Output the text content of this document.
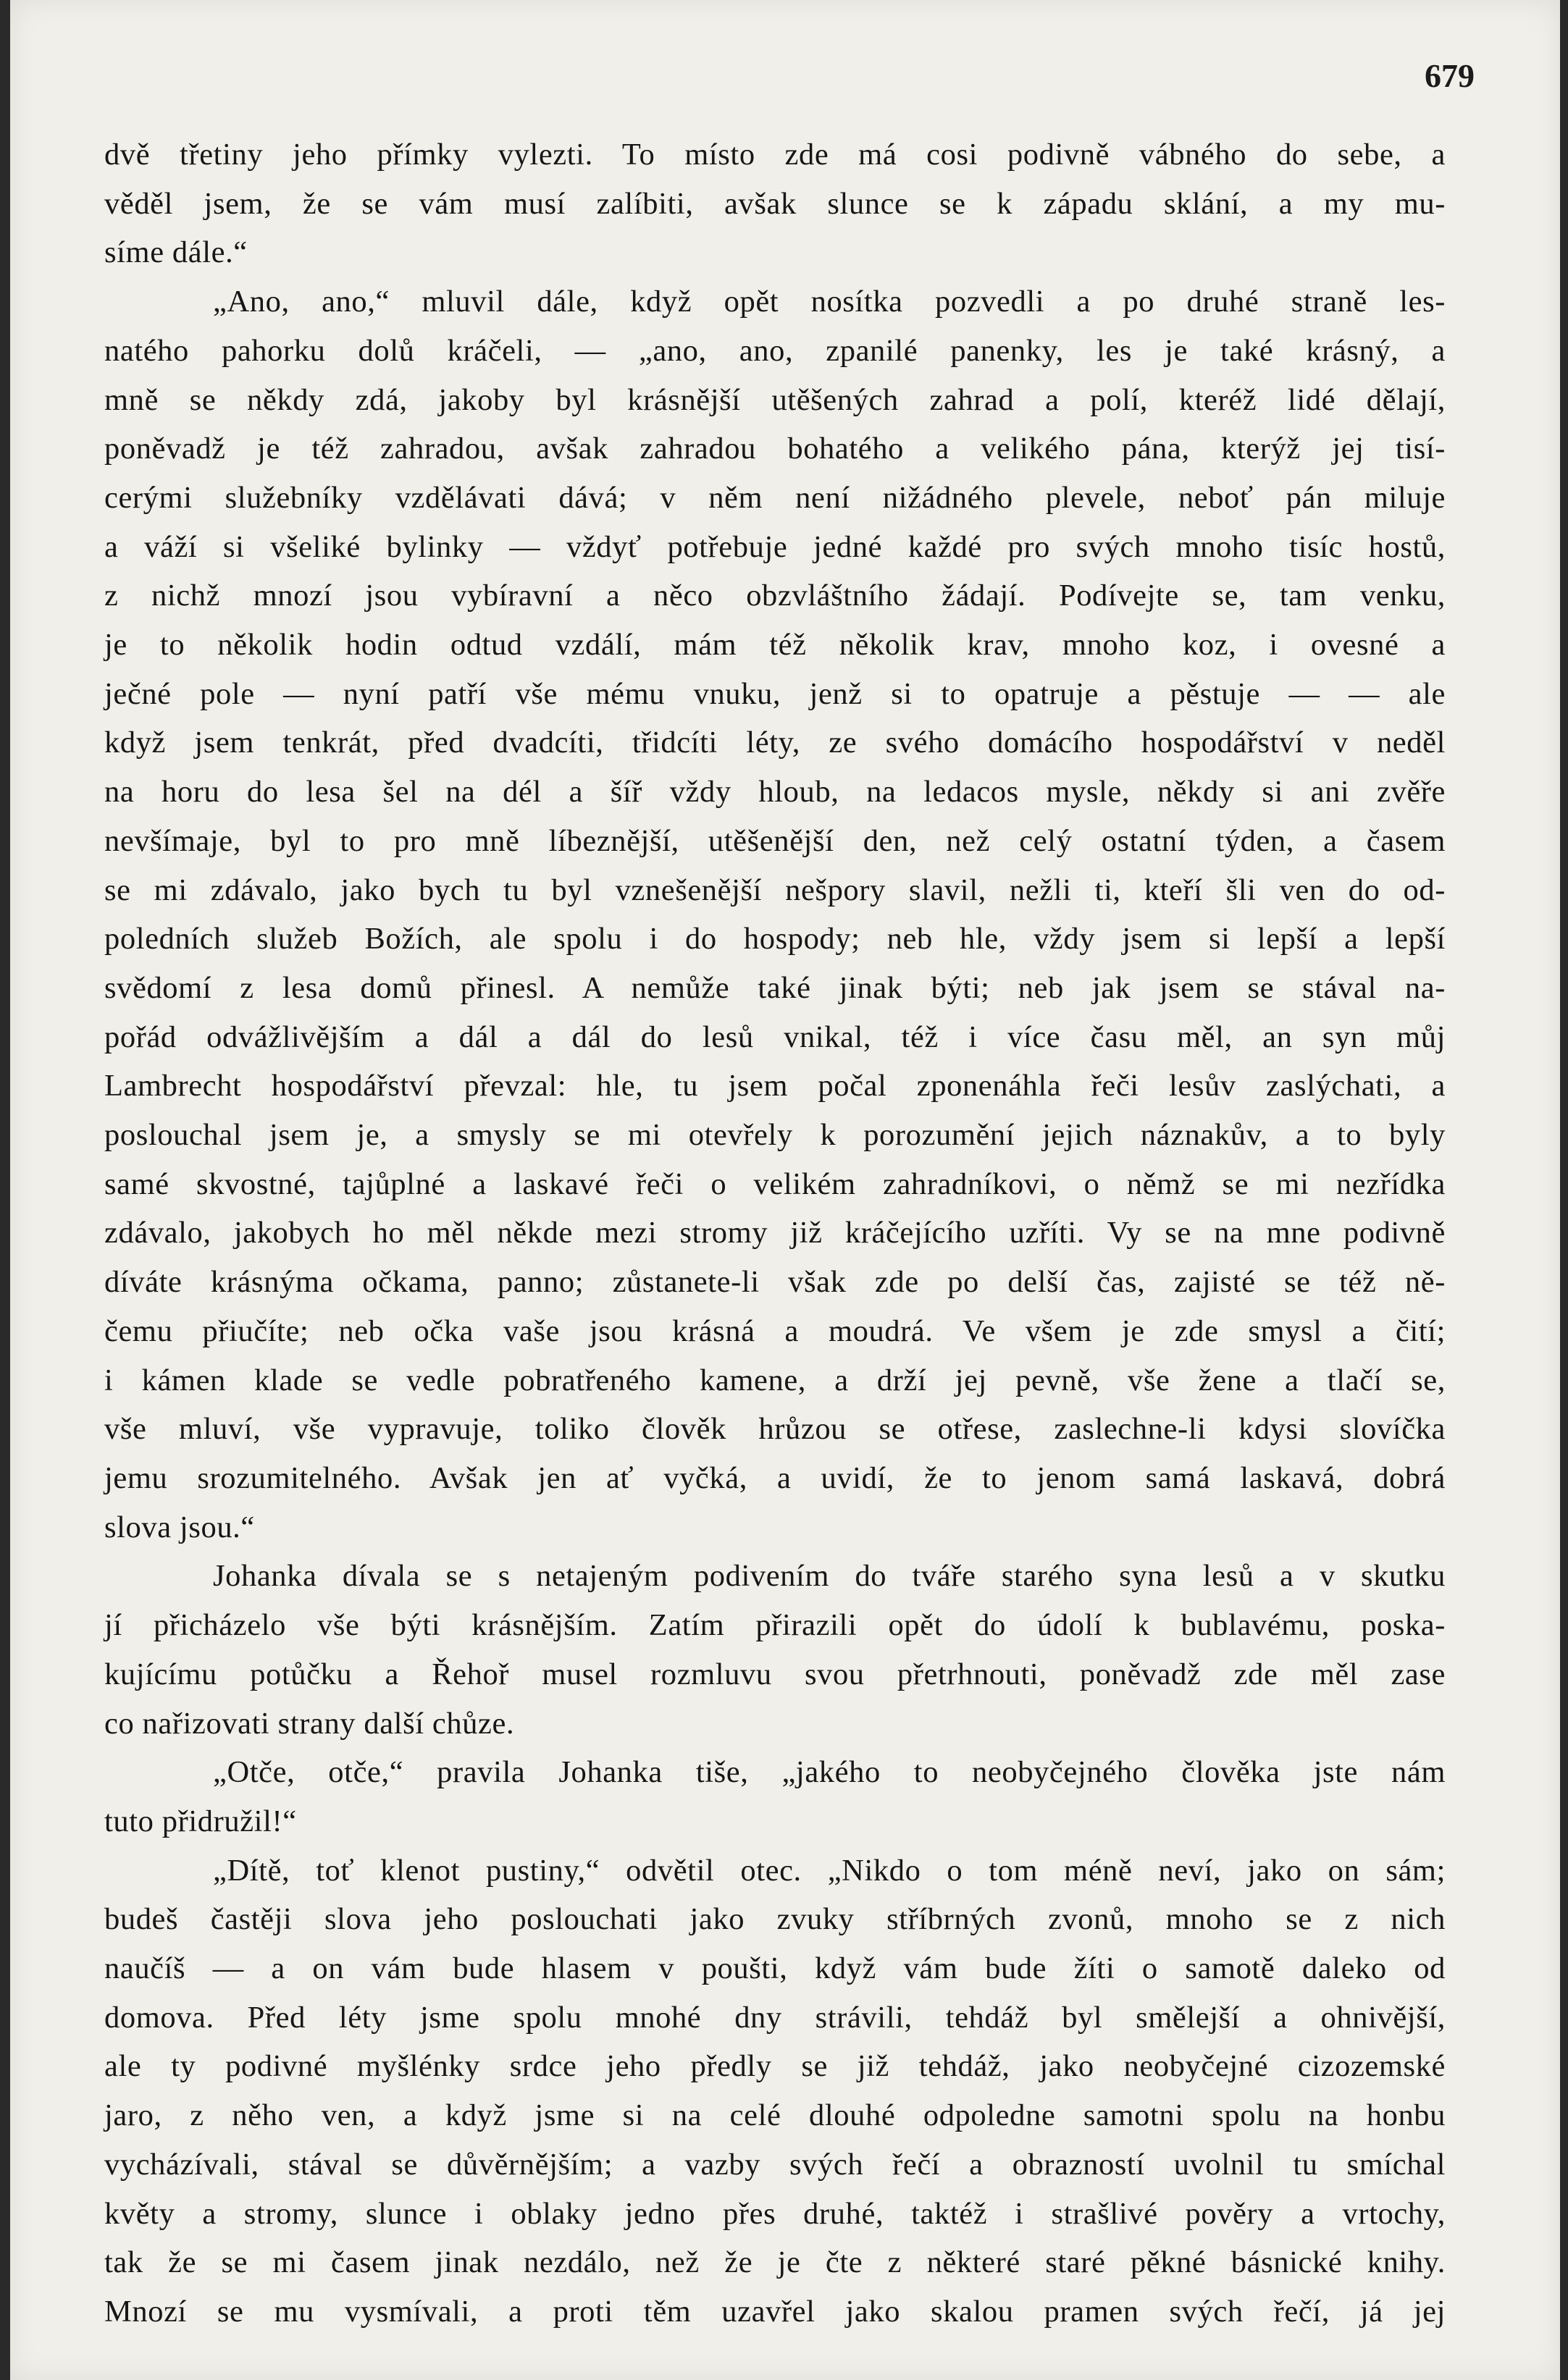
679
dvě třetiny jeho přímky vylezti. To místo zde má cosi podivně vábného do sebe, a
věděl jsem, že se vám musí zalíbiti, avšak slunce se k západu sklání, a my mu-
síme dále.“
„Ano, ano,“ mluvil dále, když opět nosítka pozvedli a po druhé straně les-
natého pahorku dolů kráčeli, — „ano, ano, zpanilé panenky, les je také krásný, a
mně se někdy zdá, jakoby byl krásnější utěšených zahrad a polí, kteréž lidé dělají,
poněvadž je též zahradou, avšak zahradou bohatého a velikého pána, kterýž jej tisí-
cerými služebníky vzdělávati dává; v něm není nižádného plevele, neboť pán miluje
a váží si všeliké bylinky — vždyť potřebuje jedné každé pro svých mnoho tisíc hostů,
z nichž mnozí jsou vybíravní a něco obzvláštního žádají. Podívejte se, tam venku,
je to několik hodin odtud vzdálí, mám též několik krav, mnoho koz, i ovesné a
ječné pole — nyní patří vše mému vnuku, jenž si to opatruje a pěstuje — — ale
když jsem tenkrát, před dvadcíti, třidcíti léty, ze svého domácího hospodářství v neděl
na horu do lesa šel na dél a šíř vždy hloub, na ledacos mysle, někdy si ani zvěře
nevšímaje, byl to pro mně líbeznější, utěšenější den, než celý ostatní týden, a časem
se mi zdávalo, jako bych tu byl vznešenější nešpory slavil, nežli ti, kteří šli ven do od-
poledních služeb Božích, ale spolu i do hospody; neb hle, vždy jsem si lepší a lepší
svědomí z lesa domů přinesl. A nemůže také jinak býti; neb jak jsem se stával na-
pořád odvážlivějším a dál a dál do lesů vnikal, též i více času měl, an syn můj
Lambrecht hospodářství převzal: hle, tu jsem počal zponenáhla řeči lesův zaslýchati, a
poslouchal jsem je, a smysly se mi otevřely k porozumění jejich náznakův, a to byly
samé skvostné, tajůplné a laskavé řeči o velikém zahradníkovi, o němž se mi nezřídka
zdávalo, jakobych ho měl někde mezi stromy již kráčejícího uzříti. Vy se na mne podivně
díváte krásnýma očkama, panno; zůstanete-li však zde po delší čas, zajisté se též ně-
čemu přiučíte; neb očka vaše jsou krásná a moudrá. Ve všem je zde smysl a čití;
i kámen klade se vedle pobratřeného kamene, a drží jej pevně, vše žene a tlačí se,
vše mluví, vše vypravuje, toliko člověk hrůzou se otřese, zaslechne-li kdysi slovíčka
jemu srozumitelného. Avšak jen ať vyčká, a uvidí, že to jenom samá laskavá, dobrá
slova jsou.“
Johanka dívala se s netajeným podivením do tváře starého syna lesů a v skutku
jí přicházelo vše býti krásnějším. Zatím přirazili opět do údolí k bublavému, poska-
kujícímu potůčku a Řehoř musel rozmluvu svou přetrhnouti, poněvadž zde měl zase
co nařizovati strany další chůze.
„Otče, otče,“ pravila Johanka tiše, „jakého to neobyčejného člověka jste nám
tuto přidružil!“
„Dítě, toť klenot pustiny,“ odvětil otec. „Nikdo o tom méně neví, jako on sám;
budeš častěji slova jeho poslouchati jako zvuky stříbrných zvonů, mnoho se z nich
naučíš — a on vám bude hlasem v poušti, když vám bude žíti o samotě daleko od
domova. Před léty jsme spolu mnohé dny strávili, tehdáž byl smělejší a ohnivější,
ale ty podivné myšlénky srdce jeho předly se již tehdáž, jako neobyčejné cizozemské
jaro, z něho ven, a když jsme si na celé dlouhé odpoledne samotni spolu na honbu
vycházívali, stával se důvěrnějším; a vazby svých řečí a obrazností uvolnil tu smíchal
květy a stromy, slunce i oblaky jedno přes druhé, taktéž i strašlivé pověry a vrtochy,
tak že se mi časem jinak nezdálo, než že je čte z některé staré pěkné básnické knihy.
Mnozí se mu vysmívali, a proti těm uzavřel jako skalou pramen svých řečí, já jej
